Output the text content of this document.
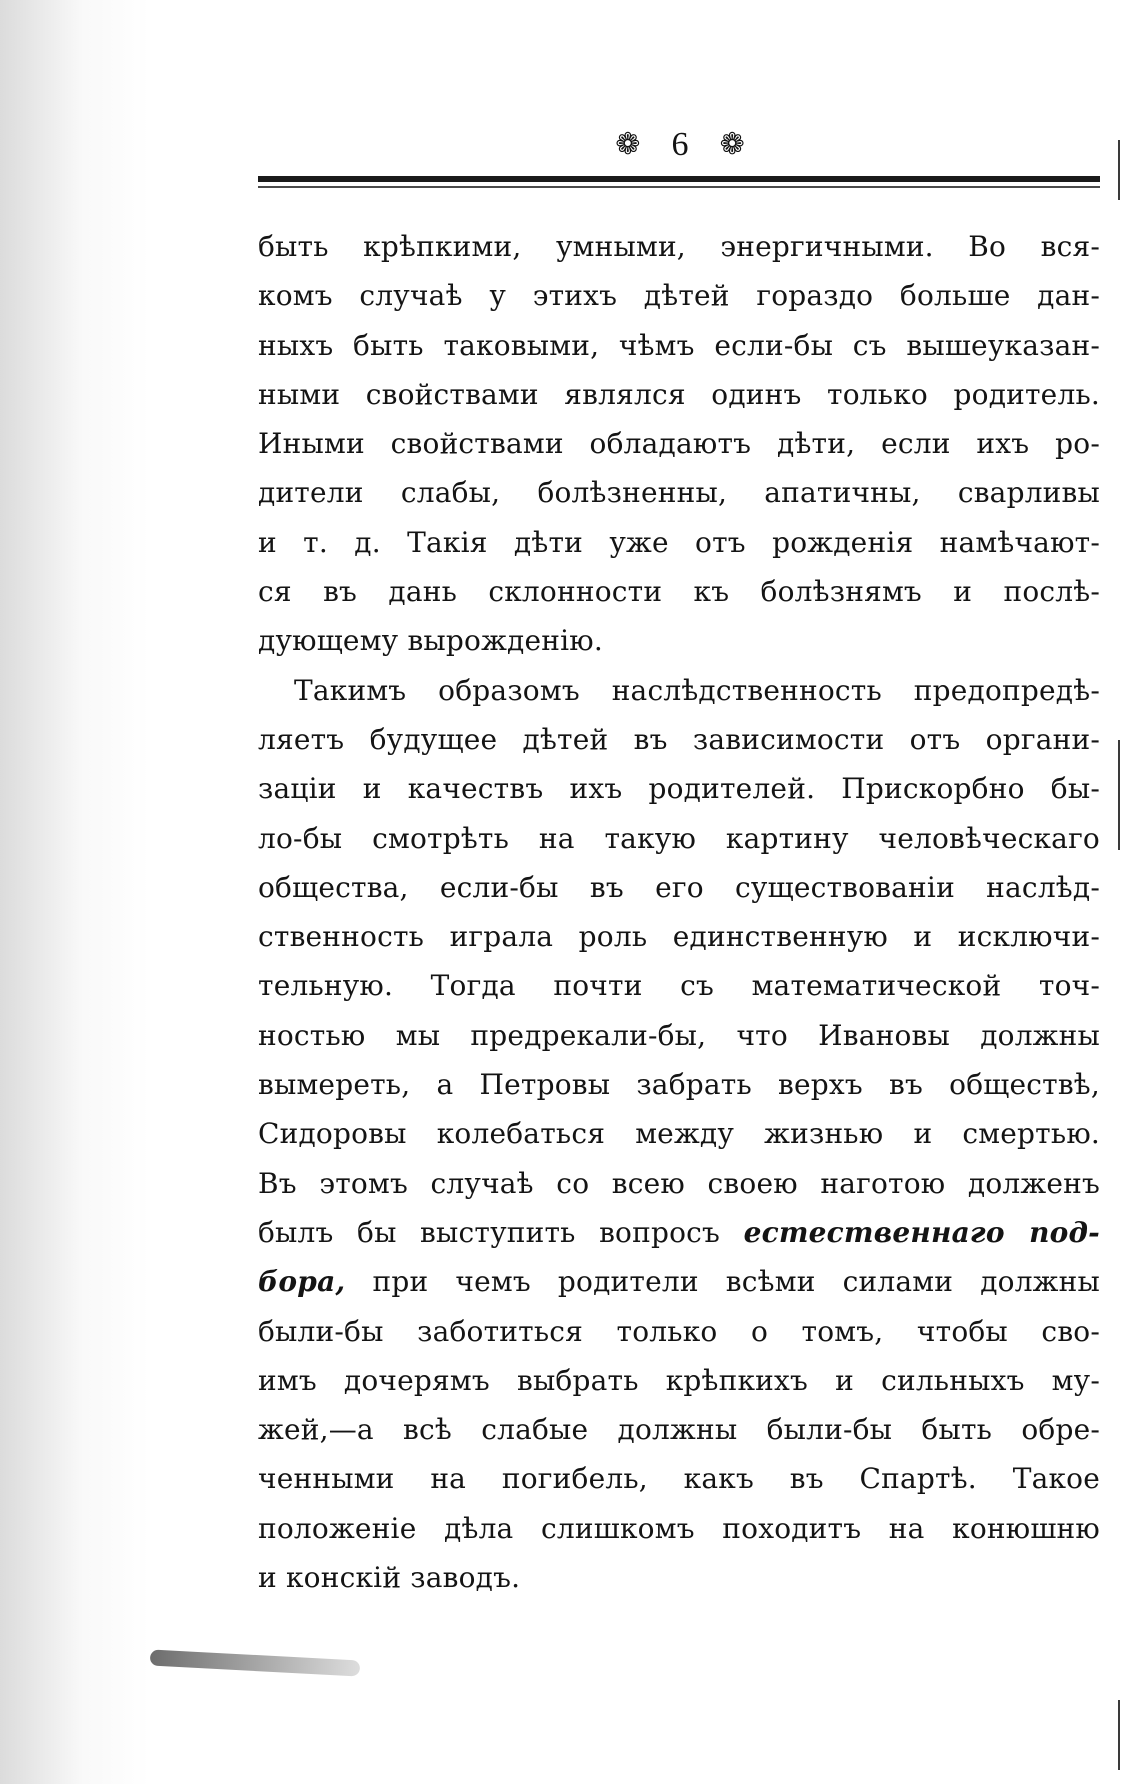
❁ 6 ❁
быть крѣпкими, умными, энергичными. Во вся-
комъ случаѣ у этихъ дѣтей гораздо больше дан-
ныхъ быть таковыми, чѣмъ если-бы съ вышеуказан-
ными свойствами являлся одинъ только родитель.
Иными свойствами обладаютъ дѣти, если ихъ ро-
дители слабы, болѣзненны, апатичны, сварливы
и т. д. Такія дѣти уже отъ рожденія намѣчают-
ся въ дань склонности къ болѣзнямъ и послѣ-
дующему вырожденію.
Такимъ образомъ наслѣдственность предопредѣ-
ляетъ будущее дѣтей въ зависимости отъ органи-
заціи и качествъ ихъ родителей. Прискорбно бы-
ло-бы смотрѣть на такую картину человѣческаго
общества, если-бы въ его существованіи наслѣд-
ственность играла роль единственную и исключи-
тельную. Тогда почти съ математической точ-
ностью мы предрекали-бы, что Ивановы должны
вымереть, а Петровы забрать верхъ въ обществѣ,
Сидоровы колебаться между жизнью и смертью.
Въ этомъ случаѣ со всею своею наготою долженъ
былъ бы выступить вопросъ естественнаго под-
бора, при чемъ родители всѣми силами должны
были-бы заботиться только о томъ, чтобы сво-
имъ дочерямъ выбрать крѣпкихъ и сильныхъ му-
жей,—а всѣ слабые должны были-бы быть обре-
ченными на погибель, какъ въ Спартѣ. Такое
положеніе дѣла слишкомъ походитъ на конюшню
и конскій заводъ.
